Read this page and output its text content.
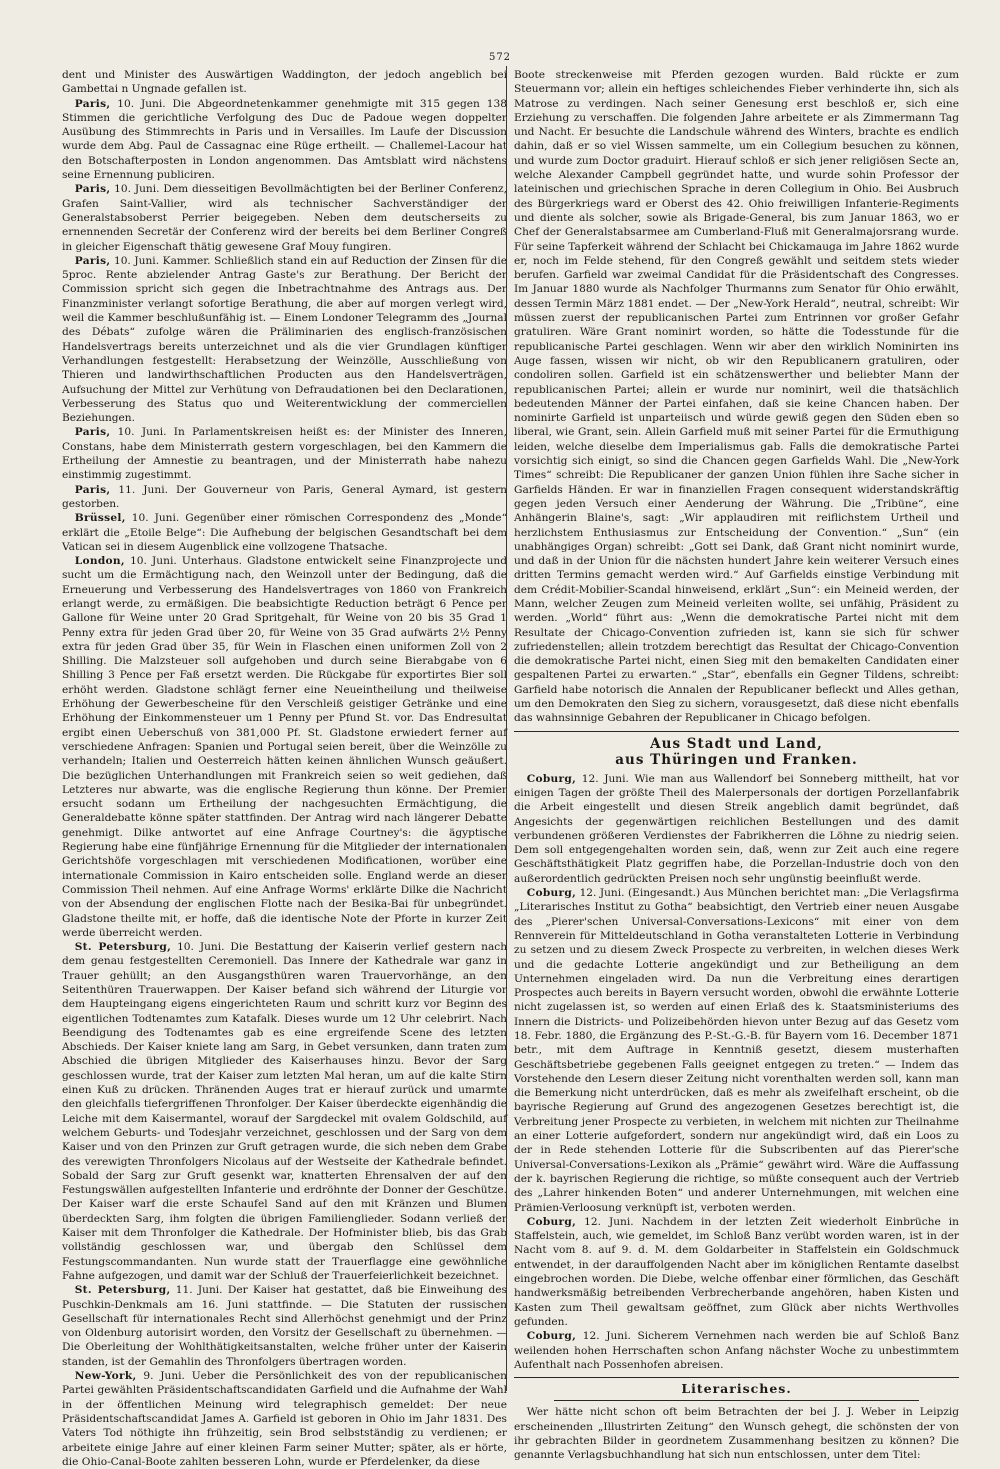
572

dent und Minister des Auswärtigen Waddington, der jedoch angeblich bei Gambettai n Ungnade gefallen ist.

Paris, 10. Juni. Die Abgeordnetenkammer genehmigte mit 315 gegen 138 Stimmen die gerichtliche Verfolgung des Duc de Padoue wegen doppelter Ausübung des Stimmrechts in Paris und in Versailles. Im Laufe der Discussion wurde dem Abg. Paul de Cassagnac eine Rüge ertheilt. — Challemel-Lacour hat den Botschafterposten in London angenommen. Das Amtsblatt wird nächstens seine Ernennung publiciren.

Paris, 10. Juni. Dem diesseitigen Bevollmächtigten bei der Berliner Conferenz, Grafen Saint-Vallier, wird als technischer Sachverständiger der Generalstabsoberst Perrier beigegeben. Neben dem deutscherseits zu ernennenden Secretär der Conferenz wird der bereits bei dem Berliner Congreß in gleicher Eigenschaft thätig gewesene Graf Mouy fungiren.

Paris, 10. Juni. Kammer. Schließlich stand ein auf Reduction der Zinsen für die 5proc. Rente abzielender Antrag Gaste's zur Berathung. Der Bericht der Commission spricht sich gegen die Inbetrachtnahme des Antrags aus. Der Finanzminister verlangt sofortige Berathung, die aber auf morgen verlegt wird, weil die Kammer beschlußunfähig ist. — Einem Londoner Telegramm des „Journal des Débats“ zufolge wären die Präliminarien des englisch-französischen Handelsvertrags bereits unterzeichnet und als die vier Grundlagen künftiger Verhandlungen festgestellt: Herabsetzung der Weinzölle, Ausschließung von Thieren und landwirthschaftlichen Producten aus den Handelsverträgen, Aufsuchung der Mittel zur Verhütung von Defraudationen bei den Declarationen, Verbesserung des Status quo und Weiterentwicklung der commerciellen Beziehungen.

Paris, 10. Juni. In Parlamentskreisen heißt es: der Minister des Inneren, Constans, habe dem Ministerrath gestern vorgeschlagen, bei den Kammern die Ertheilung der Amnestie zu beantragen, und der Ministerrath habe nahezu einstimmig zugestimmt.

Paris, 11. Juni. Der Gouverneur von Paris, General Aymard, ist gestern gestorben.

Brüssel, 10. Juni. Gegenüber einer römischen Correspondenz des „Monde“ erklärt die „Etoile Belge“: Die Aufhebung der belgischen Gesandtschaft bei dem Vatican sei in diesem Augenblick eine vollzogene Thatsache.

London, 10. Juni. Unterhaus. Gladstone entwickelt seine Finanzprojecte und sucht um die Ermächtigung nach, den Weinzoll unter der Bedingung, daß die Erneuerung und Verbesserung des Handelsvertrages von 1860 von Frankreich erlangt werde, zu ermäßigen. Die beabsichtigte Reduction beträgt 6 Pence per Gallone für Weine unter 20 Grad Spritgehalt, für Weine von 20 bis 35 Grad 1 Penny extra für jeden Grad über 20, für Weine von 35 Grad aufwärts 2½ Penny extra für jeden Grad über 35, für Wein in Flaschen einen uniformen Zoll von 2 Shilling. Die Malzsteuer soll aufgehoben und durch seine Bierabgabe von 6 Shilling 3 Pence per Faß ersetzt werden. Die Rückgabe für exportirtes Bier soll erhöht werden. Gladstone schlägt ferner eine Neueintheilung und theilweise Erhöhung der Gewerbescheine für den Verschleiß geistiger Getränke und eine Erhöhung der Einkommensteuer um 1 Penny per Pfund St. vor. Das Endresultat ergibt einen Ueberschuß von 381,000 Pf. St. Gladstone erwiedert ferner auf verschiedene Anfragen: Spanien und Portugal seien bereit, über die Weinzölle zu verhandeln; Italien und Oesterreich hätten keinen ähnlichen Wunsch geäußert. Die bezüglichen Unterhandlungen mit Frankreich seien so weit gediehen, daß Letzteres nur abwarte, was die englische Regierung thun könne. Der Premier ersucht sodann um Ertheilung der nachgesuchten Ermächtigung, die Generaldebatte könne später stattfinden. Der Antrag wird nach längerer Debatte genehmigt. Dilke antwortet auf eine Anfrage Courtney's: die ägyptische Regierung habe eine fünfjährige Ernennung für die Mitglieder der internationalen Gerichtshöfe vorgeschlagen mit verschiedenen Modificationen, worüber eine internationale Commission in Kairo entscheiden solle. England werde an dieser Commission Theil nehmen. Auf eine Anfrage Worms' erklärte Dilke die Nachricht von der Absendung der englischen Flotte nach der Besika-Bai für unbegründet. Gladstone theilte mit, er hoffe, daß die identische Note der Pforte in kurzer Zeit werde überreicht werden.

St. Petersburg, 10. Juni. Die Bestattung der Kaiserin verlief gestern nach dem genau festgestellten Ceremoniell. Das Innere der Kathedrale war ganz in Trauer gehüllt; an den Ausgangsthüren waren Trauervorhänge, an den Seitenthüren Trauerwappen. Der Kaiser befand sich während der Liturgie vor dem Haupteingang eigens eingerichteten Raum und schritt kurz vor Beginn des eigentlichen Todtenamtes zum Katafalk. Dieses wurde um 12 Uhr celebrirt. Nach Beendigung des Todtenamtes gab es eine ergreifende Scene des letzten Abschieds. Der Kaiser kniete lang am Sarg, in Gebet versunken, dann traten zum Abschied die übrigen Mitglieder des Kaiserhauses hinzu. Bevor der Sarg geschlossen wurde, trat der Kaiser zum letzten Mal heran, um auf die kalte Stirn einen Kuß zu drücken. Thränenden Auges trat er hierauf zurück und umarmte den gleichfalls tiefergriffenen Thronfolger. Der Kaiser überdeckte eigenhändig die Leiche mit dem Kaisermantel, worauf der Sargdeckel mit ovalem Goldschild, auf welchem Geburts- und Todesjahr verzeichnet, geschlossen und der Sarg von dem Kaiser und von den Prinzen zur Gruft getragen wurde, die sich neben dem Grabe des verewigten Thronfolgers Nicolaus auf der Westseite der Kathedrale befindet. Sobald der Sarg zur Gruft gesenkt war, knatterten Ehrensalven der auf den Festungswällen aufgestellten Infanterie und erdröhnte der Donner der Geschütze. Der Kaiser warf die erste Schaufel Sand auf den mit Kränzen und Blumen überdeckten Sarg, ihm folgten die übrigen Familienglieder. Sodann verließ der Kaiser mit dem Thronfolger die Kathedrale. Der Hofminister blieb, bis das Grab vollständig geschlossen war, und übergab den Schlüssel dem Festungscommandanten. Nun wurde statt der Trauerflagge eine gewöhnliche Fahne aufgezogen, und damit war der Schluß der Trauerfeierlichkeit bezeichnet.

St. Petersburg, 11. Juni. Der Kaiser hat gestattet, daß bie Einweihung des Puschkin-Denkmals am 16. Juni stattfinde. — Die Statuten der russischen Gesellschaft für internationales Recht sind Allerhöchst genehmigt und der Prinz von Oldenburg autorisirt worden, den Vorsitz der Gesellschaft zu übernehmen. — Die Oberleitung der Wohlthätigkeitsanstalten, welche früher unter der Kaiserin standen, ist der Gemahlin des Thronfolgers übertragen worden.

New-York, 9. Juni. Ueber die Persönlichkeit des von der republicanischen Partei gewählten Präsidentschaftscandidaten Garfield und die Aufnahme der Wahl in der öffentlichen Meinung wird telegraphisch gemeldet: Der neue Präsidentschaftscandidat James A. Garfield ist geboren in Ohio im Jahr 1831. Des Vaters Tod nöthigte ihn frühzeitig, sein Brod selbstständig zu verdienen; er arbeitete einige Jahre auf einer kleinen Farm seiner Mutter; später, als er hörte, die Ohio-Canal-Boote zahlten besseren Lohn, wurde er Pferdelenker, da diese

Boote streckenweise mit Pferden gezogen wurden. Bald rückte er zum Steuermann vor; allein ein heftiges schleichendes Fieber verhinderte ihn, sich als Matrose zu verdingen. Nach seiner Genesung erst beschloß er, sich eine Erziehung zu verschaffen. Die folgenden Jahre arbeitete er als Zimmermann Tag und Nacht. Er besuchte die Landschule während des Winters, brachte es endlich dahin, daß er so viel Wissen sammelte, um ein Collegium besuchen zu können, und wurde zum Doctor graduirt. Hierauf schloß er sich jener religiösen Secte an, welche Alexander Campbell gegründet hatte, und wurde sohin Professor der lateinischen und griechischen Sprache in deren Collegium in Ohio. Bei Ausbruch des Bürgerkriegs ward er Oberst des 42. Ohio freiwilligen Infanterie-Regiments und diente als solcher, sowie als Brigade-General, bis zum Januar 1863, wo er Chef der Generalstabsarmee am Cumberland-Fluß mit Generalmajorsrang wurde. Für seine Tapferkeit während der Schlacht bei Chickamauga im Jahre 1862 wurde er, noch im Felde stehend, für den Congreß gewählt und seitdem stets wieder berufen. Garfield war zweimal Candidat für die Präsidentschaft des Congresses. Im Januar 1880 wurde als Nachfolger Thurmanns zum Senator für Ohio erwählt, dessen Termin März 1881 endet. — Der „New-York Herald“, neutral, schreibt: Wir müssen zuerst der republicanischen Partei zum Entrinnen vor großer Gefahr gratuliren. Wäre Grant nominirt worden, so hätte die Todesstunde für die republicanische Partei geschlagen. Wenn wir aber den wirklich Nominirten ins Auge fassen, wissen wir nicht, ob wir den Republicanern gratuliren, oder condoliren sollen. Garfield ist ein schätzenswerther und beliebter Mann der republicanischen Partei; allein er wurde nur nominirt, weil die thatsächlich bedeutenden Männer der Partei einfahen, daß sie keine Chancen haben. Der nominirte Garfield ist unparteiisch und würde gewiß gegen den Süden eben so liberal, wie Grant, sein. Allein Garfield muß mit seiner Partei für die Ermuthigung leiden, welche dieselbe dem Imperialismus gab. Falls die demokratische Partei vorsichtig sich einigt, so sind die Chancen gegen Garfields Wahl. Die „New-York Times“ schreibt: Die Republicaner der ganzen Union fühlen ihre Sache sicher in Garfields Händen. Er war in finanziellen Fragen consequent widerstandskräftig gegen jeden Versuch einer Aenderung der Währung. Die „Tribüne“, eine Anhängerin Blaine's, sagt: „Wir applaudiren mit reiflichstem Urtheil und herzlichstem Enthusiasmus zur Entscheidung der Convention.“ „Sun“ (ein unabhängiges Organ) schreibt: „Gott sei Dank, daß Grant nicht nominirt wurde, und daß in der Union für die nächsten hundert Jahre kein weiterer Versuch eines dritten Termins gemacht werden wird.“ Auf Garfields einstige Verbindung mit dem Crédit-Mobilier-Scandal hinweisend, erklärt „Sun“: ein Meineid werden, der Mann, welcher Zeugen zum Meineid verleiten wollte, sei unfähig, Präsident zu werden. „World“ führt aus: „Wenn die demokratische Partei nicht mit dem Resultate der Chicago-Convention zufrieden ist, kann sie sich für schwer zufriedenstellen; allein trotzdem berechtigt das Resultat der Chicago-Convention die demokratische Partei nicht, einen Sieg mit den bemakelten Candidaten einer gespaltenen Partei zu erwarten.“ „Star“, ebenfalls ein Gegner Tildens, schreibt: Garfield habe notorisch die Annalen der Republicaner befleckt und Alles gethan, um den Demokraten den Sieg zu sichern, vorausgesetzt, daß diese nicht ebenfalls das wahnsinnige Gebahren der Republicaner in Chicago befolgen.

Aus Stadt und Land,
aus Thüringen und Franken.

Coburg, 12. Juni. Wie man aus Wallendorf bei Sonneberg mittheilt, hat vor einigen Tagen der größte Theil des Malerpersonals der dortigen Porzellanfabrik die Arbeit eingestellt und diesen Streik angeblich damit begründet, daß Angesichts der gegenwärtigen reichlichen Bestellungen und des damit verbundenen größeren Verdienstes der Fabrikherren die Löhne zu niedrig seien. Dem soll entgegengehalten worden sein, daß, wenn zur Zeit auch eine regere Geschäftsthätigkeit Platz gegriffen habe, die Porzellan-Industrie doch von den außerordentlich gedrückten Preisen noch sehr ungünstig beeinflußt werde.

Coburg, 12. Juni. (Eingesandt.) Aus München berichtet man: „Die Verlagsfirma „Literarisches Institut zu Gotha“ beabsichtigt, den Vertrieb einer neuen Ausgabe des „Pierer'schen Universal-Conversations-Lexicons“ mit einer von dem Rennverein für Mitteldeutschland in Gotha veranstalteten Lotterie in Verbindung zu setzen und zu diesem Zweck Prospecte zu verbreiten, in welchen dieses Werk und die gedachte Lotterie angekündigt und zur Betheiligung an dem Unternehmen eingeladen wird. Da nun die Verbreitung eines derartigen Prospectes auch bereits in Bayern versucht worden, obwohl die erwähnte Lotterie nicht zugelassen ist, so werden auf einen Erlaß des k. Staatsministeriums des Innern die Districts- und Polizeibehörden hievon unter Bezug auf das Gesetz vom 18. Febr. 1880, die Ergänzung des P.-St.-G.-B. für Bayern vom 16. December 1871 betr., mit dem Auftrage in Kenntniß gesetzt, diesem musterhaften Geschäftsbetriebe gegebenen Falls geeignet entgegen zu treten.“ — Indem das Vorstehende den Lesern dieser Zeitung nicht vorenthalten werden soll, kann man die Bemerkung nicht unterdrücken, daß es mehr als zweifelhaft erscheint, ob die bayrische Regierung auf Grund des angezogenen Gesetzes berechtigt ist, die Verbreitung jener Prospecte zu verbieten, in welchem mit nichten zur Theilnahme an einer Lotterie aufgefordert, sondern nur angekündigt wird, daß ein Loos zu der in Rede stehenden Lotterie für die Subscribenten auf das Pierer'sche Universal-Conversations-Lexikon als „Prämie“ gewährt wird. Wäre die Auffassung der k. bayrischen Regierung die richtige, so müßte consequent auch der Vertrieb des „Lahrer hinkenden Boten“ und anderer Unternehmungen, mit welchen eine Prämien-Verloosung verknüpft ist, verboten werden.

Coburg, 12. Juni. Nachdem in der letzten Zeit wiederholt Einbrüche in Staffelstein, auch, wie gemeldet, im Schloß Banz verübt worden waren, ist in der Nacht vom 8. auf 9. d. M. dem Goldarbeiter in Staffelstein ein Goldschmuck entwendet, in der darauffolgenden Nacht aber im königlichen Rentamte daselbst eingebrochen worden. Die Diebe, welche offenbar einer förmlichen, das Geschäft handwerksmäßig betreibenden Verbrecherbande angehören, haben Kisten und Kasten zum Theil gewaltsam geöffnet, zum Glück aber nichts Werthvolles gefunden.

Coburg, 12. Juni. Sicherem Vernehmen nach werden bie auf Schloß Banz weilenden hohen Herrschaften schon Anfang nächster Woche zu unbestimmtem Aufenthalt nach Possenhofen abreisen.

Literarisches.

Wer hätte nicht schon oft beim Betrachten der bei J. J. Weber in Leipzig erscheinenden „Illustrirten Zeitung“ den Wunsch gehegt, die schönsten der von ihr gebrachten Bilder in geordnetem Zusammenhang besitzen zu können? Die genannte Verlagsbuchhandlung hat sich nun entschlossen, unter dem Titel:
